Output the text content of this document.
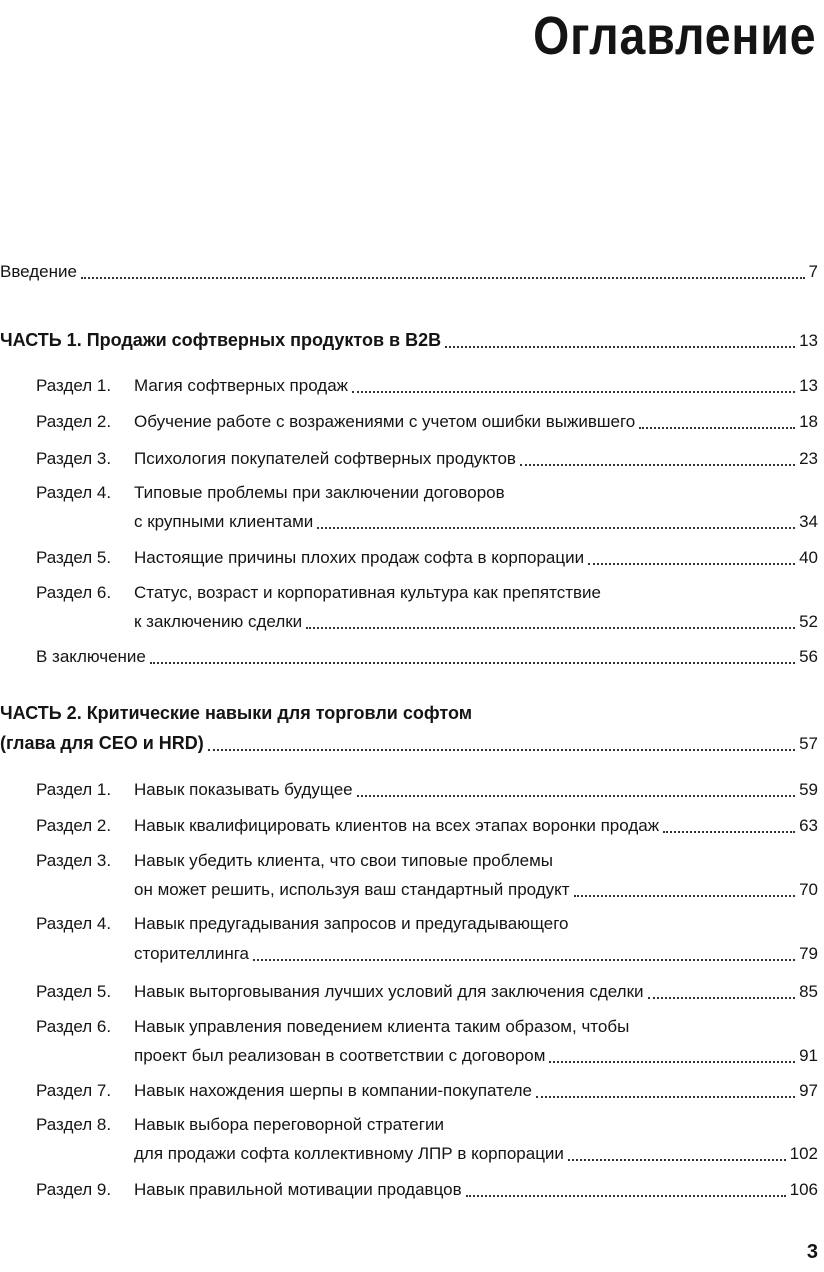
Оглавление
Введение	7
ЧАСТЬ 1. Продажи софтверных продуктов в B2B	13
Раздел 1.	Магия софтверных продаж	13
Раздел 2.	Обучение работе с возражениями с учетом ошибки выжившего	18
Раздел 3.	Психология покупателей софтверных продуктов	23
Раздел 4. Типовые проблемы при заключении договоров
с крупными клиентами	34
Раздел 5.	Настоящие причины плохих продаж софта в корпорации	40
Раздел 6. Статус, возраст и корпоративная культура как препятствие
к заключению сделки	52
В заключение	56
ЧАСТЬ 2. Критические навыки для торговли софтом
(глава для CEO и HRD)	57
Раздел 1.	Навык показывать будущее	59
Раздел 2.	Навык квалифицировать клиентов на всех этапах воронки продаж	63
Раздел 3. Навык убедить клиента, что свои типовые проблемы
он может решить, используя ваш стандартный продукт	70
Раздел 4. Навык предугадывания запросов и предугадывающего
сторителлинга	79
Раздел 5.	Навык выторговывания лучших условий для заключения сделки	85
Раздел 6. Навык управления поведением клиента таким образом, чтобы
проект был реализован в соответствии с договором	91
Раздел 7.	Навык нахождения шерпы в компании-покупателе	97
Раздел 8. Навык выбора переговорной стратегии
для продажи софта коллективному ЛПР в корпорации	102
Раздел 9.	Навык правильной мотивации продавцов	106
3
